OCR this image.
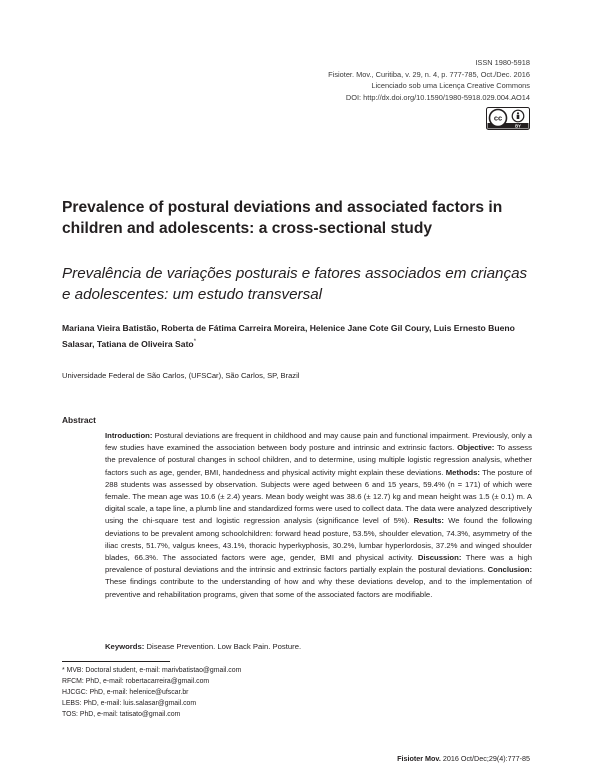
ISSN 1980-5918
Fisioter. Mov., Curitiba, v. 29, n. 4, p. 777-785, Oct./Dec. 2016
Licenciado sob uma Licença Creative Commons
DOI: http://dx.doi.org/10.1590/1980-5918.029.004.AO14
cc
BY
Prevalence of postural deviations and associated factors in children and adolescents: a cross-sectional study
Prevalência de variações posturais e fatores associados em crianças e adolescentes: um estudo transversal
Mariana Vieira Batistão, Roberta de Fátima Carreira Moreira, Helenice Jane Cote Gil Coury, Luis Ernesto Bueno Salasar, Tatiana de Oliveira Sato*
Universidade Federal de São Carlos, (UFSCar), São Carlos, SP, Brazil
Abstract
Introduction: Postural deviations are frequent in childhood and may cause pain and functional impairment. Previously, only a few studies have examined the association between body posture and intrinsic and extrinsic factors. Objective: To assess the prevalence of postural changes in school children, and to determine, using multiple logistic regression analysis, whether factors such as age, gender, BMI, handedness and physical activity might explain these deviations. Methods: The posture of 288 students was assessed by observation. Subjects were aged between 6 and 15 years, 59.4% (n = 171) of which were female. The mean age was 10.6 (± 2.4) years. Mean body weight was 38.6 (± 12.7) kg and mean height was 1.5 (± 0.1) m. A digital scale, a tape line, a plumb line and standardized forms were used to collect data. The data were analyzed descriptively using the chi-square test and logistic regression analysis (significance level of 5%). Results: We found the following deviations to be prevalent among schoolchildren: forward head posture, 53.5%, shoulder elevation, 74.3%, asymmetry of the iliac crests, 51.7%, valgus knees, 43.1%, thoracic hyperkyphosis, 30.2%, lumbar hyperlordosis, 37.2% and winged shoulder blades, 66.3%. The associated factors were age, gender, BMI and physical activity. Discussion: There was a high prevalence of postural deviations and the intrinsic and extrinsic factors partially explain the postural deviations. Conclusion: These findings contribute to the understanding of how and why these deviations develop, and to the implementation of preventive and rehabilitation programs, given that some of the associated factors are modifiable.
Keywords: Disease Prevention. Low Back Pain. Posture.
* MVB: Doctoral student, e-mail: marivbatistao@gmail.com
RFCM: PhD, e-mail: robertacarreira@gmail.com
HJCGC: PhD, e-mail: helenice@ufscar.br
LEBS: PhD, e-mail: luis.salasar@gmail.com
TOS: PhD, e-mail: tatisato@gmail.com
Fisioter Mov. 2016 Oct/Dec;29(4):777-85
